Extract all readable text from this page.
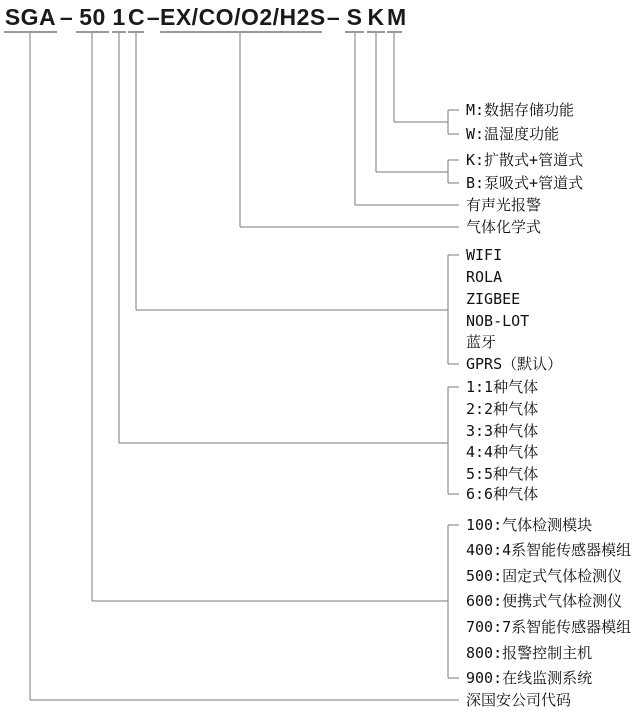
SGA – 50 1 C – EX/CO/O2/H2S – S K M
M:数据存储功能
W:温湿度功能
K:扩散式+管道式
B:泵吸式+管道式
有声光报警
气体化学式
WIFI
ROLA
ZIGBEE
NOB-LOT
蓝牙
GPRS（默认）
1:1种气体
2:2种气体
3:3种气体
4:4种气体
5:5种气体
6:6种气体
100:气体检测模块
400:4系智能传感器模组
500:固定式气体检测仪
600:便携式气体检测仪
700:7系智能传感器模组
800:报警控制主机
900:在线监测系统
深国安公司代码
